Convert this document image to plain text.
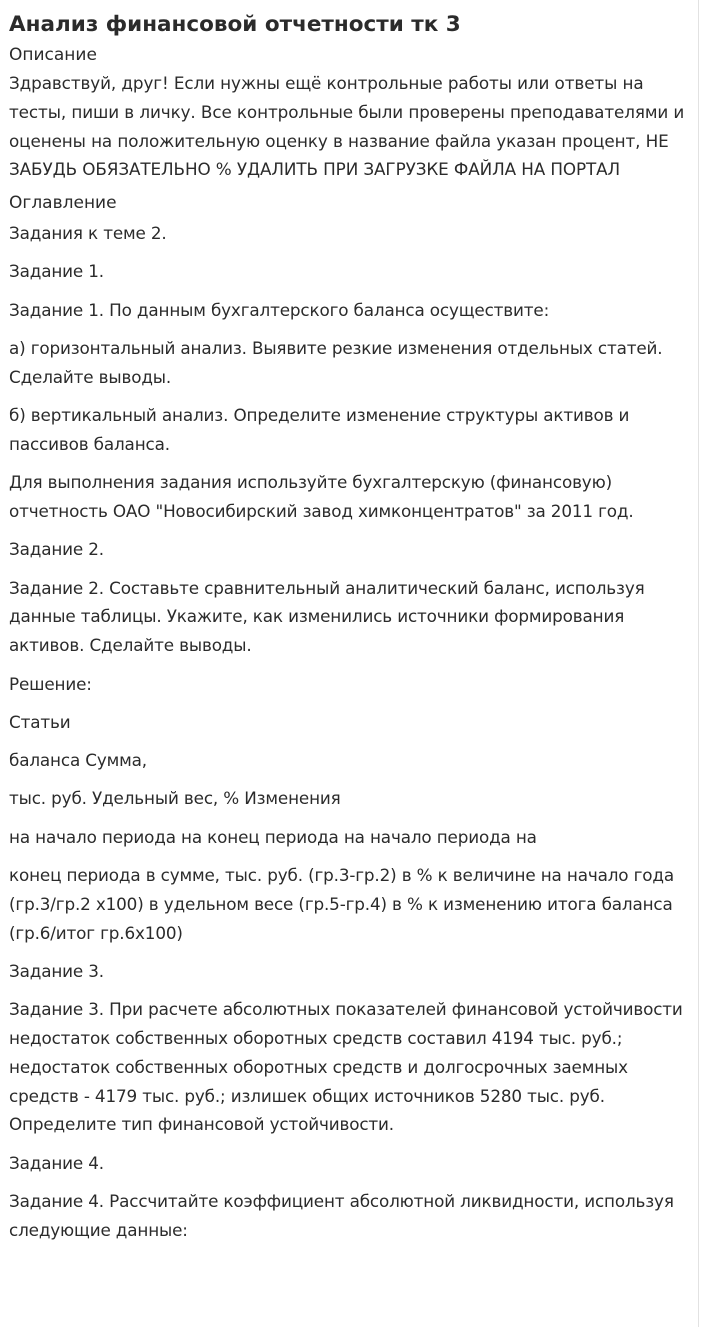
Анализ финансовой отчетности тк 3
Описание
Здравствуй, друг! Если нужны ещё контрольные работы или ответы на тесты, пиши в личку. Все контрольные были проверены преподавателями и оценены на положительную оценку в название файла указан процент, НЕ ЗАБУДЬ ОБЯЗАТЕЛЬНО % УДАЛИТЬ ПРИ ЗАГРУЗКЕ ФАЙЛА НА ПОРТАЛ
Оглавление
Задания к теме 2.
Задание 1.
Задание 1. По данным бухгалтерского баланса осуществите:
а) горизонтальный анализ. Выявите резкие изменения отдельных статей. Сделайте выводы.
б) вертикальный анализ. Определите изменение структуры активов и пассивов баланса.
Для выполнения задания используйте бухгалтерскую (финансовую) отчетность ОАО "Новосибирский завод химконцентратов" за 2011 год.
Задание 2.
Задание 2. Составьте сравнительный аналитический баланс, используя данные таблицы. Укажите, как изменились источники формирования активов. Сделайте выводы.
Решение:
Статьи
баланса Сумма,
тыс. руб. Удельный вес, % Изменения
на начало периода на конец периода на начало периода на
конец периода в сумме, тыс. руб. (гр.3-гр.2) в % к величине на начало года (гр.3/гр.2 х100) в удельном весе (гр.5-гр.4) в % к изменению итога баланса (гр.6/итог гр.6х100)
Задание 3.
Задание 3. При расчете абсолютных показателей финансовой устойчивости недостаток собственных оборотных средств составил 4194 тыс. руб.; недостаток собственных оборотных средств и долгосрочных заемных средств - 4179 тыс. руб.; излишек общих источников 5280 тыс. руб. Определите тип финансовой устойчивости.
Задание 4.
Задание 4. Рассчитайте коэффициент абсолютной ликвидности, используя следующие данные:
